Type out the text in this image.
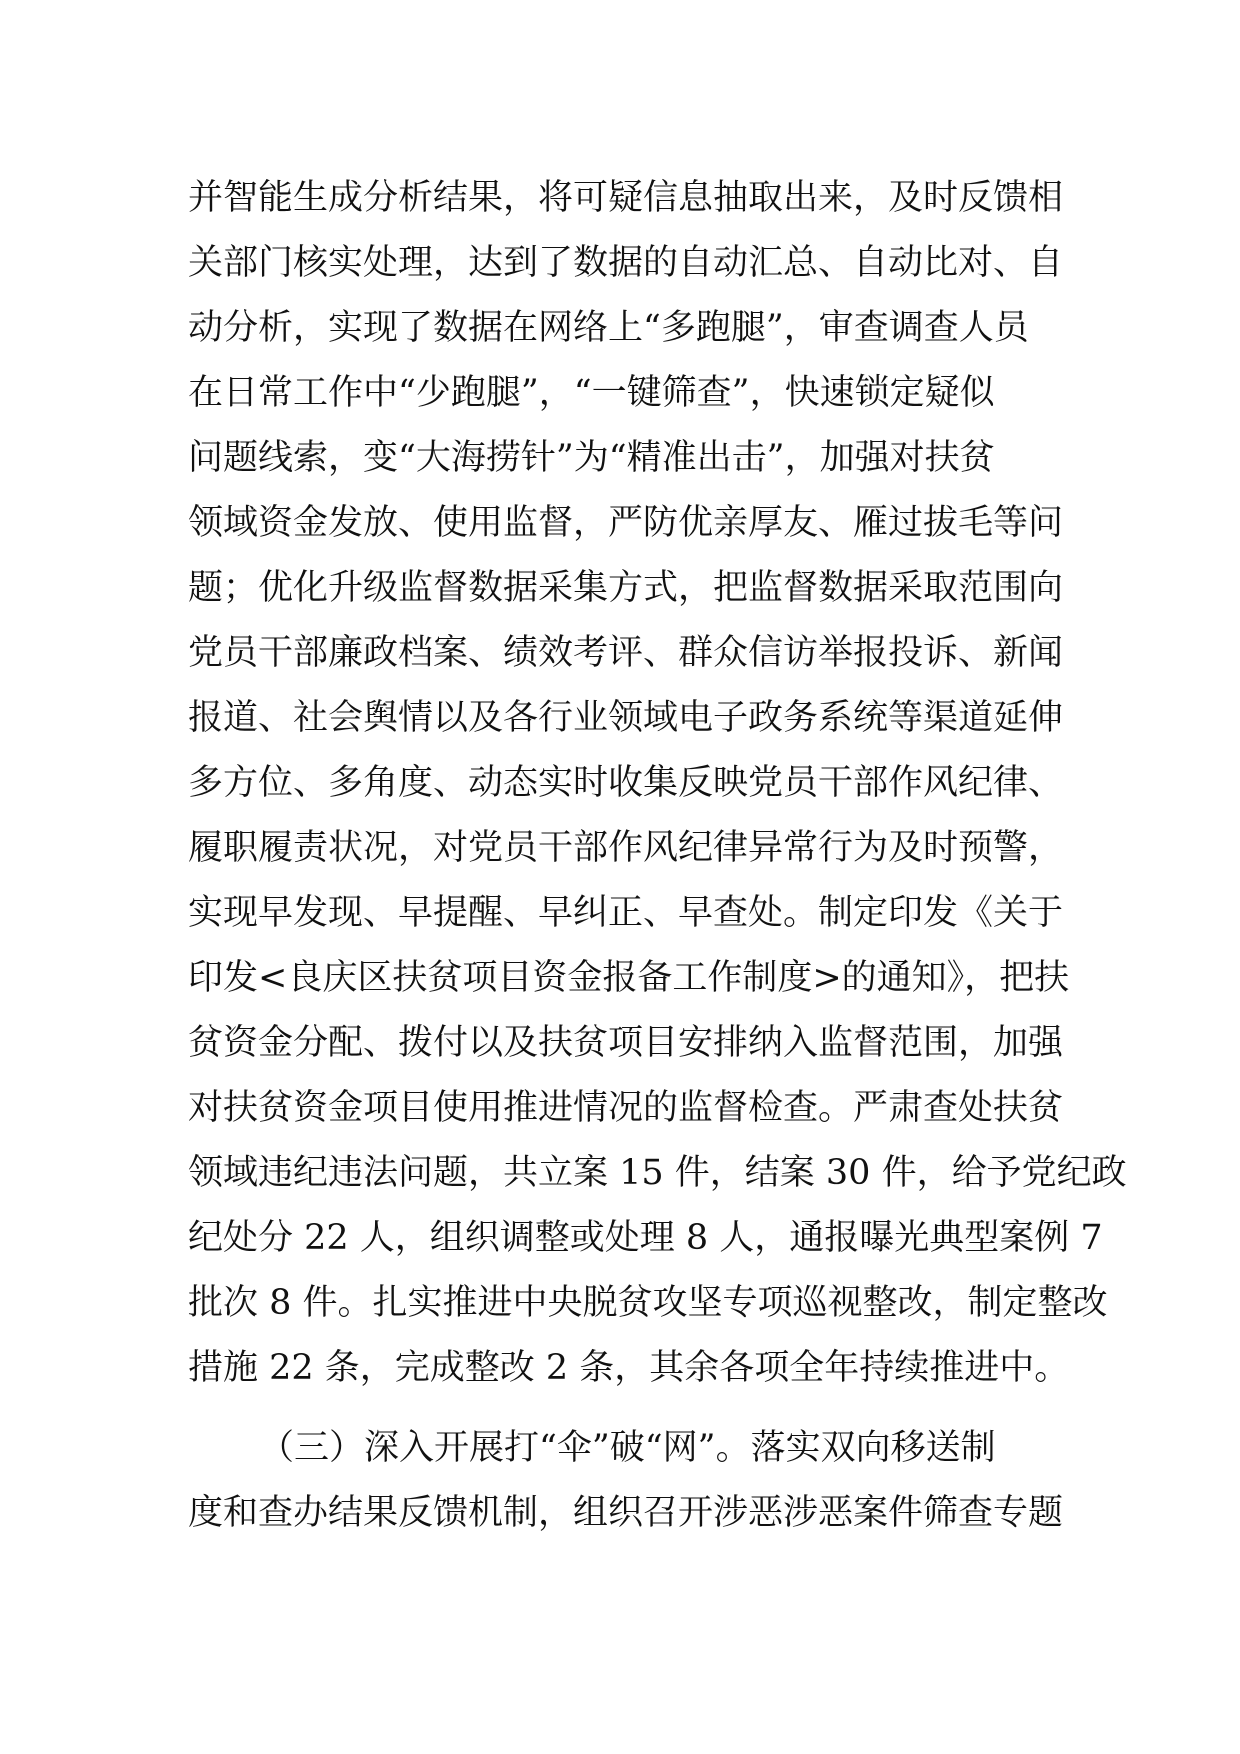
并智能生成分析结果，将可疑信息抽取出来，及时反馈相
关部门核实处理，达到了数据的自动汇总、自动比对、自
动分析，实现了数据在网络上“多跑腿”，审查调查人员
在日常工作中“少跑腿”，“一键筛查”，快速锁定疑似
问题线索，变“大海捞针”为“精准出击”，加强对扶贫
领域资金发放、使用监督，严防优亲厚友、雁过拔毛等问
题；优化升级监督数据采集方式，把监督数据采取范围向
党员干部廉政档案、绩效考评、群众信访举报投诉、新闻
报道、社会舆情以及各行业领域电子政务系统等渠道延伸
多方位、多角度、动态实时收集反映党员干部作风纪律、
履职履责状况，对党员干部作风纪律异常行为及时预警，
实现早发现、早提醒、早纠正、早查处。制定印发《关于
印发<良庆区扶贫项目资金报备工作制度>的通知》，把扶
贫资金分配、拨付以及扶贫项目安排纳入监督范围，加强
对扶贫资金项目使用推进情况的监督检查。严肃查处扶贫
领域违纪违法问题，共立案 15 件，结案 30 件，给予党纪政
纪处分 22 人，组织调整或处理 8 人，通报曝光典型案例 7
批次 8 件。扎实推进中央脱贫攻坚专项巡视整改，制定整改
措施 22 条，完成整改 2 条，其余各项全年持续推进中。
（三）深入开展打“伞”破“网”。落实双向移送制
度和查办结果反馈机制，组织召开涉恶涉恶案件筛查专题
